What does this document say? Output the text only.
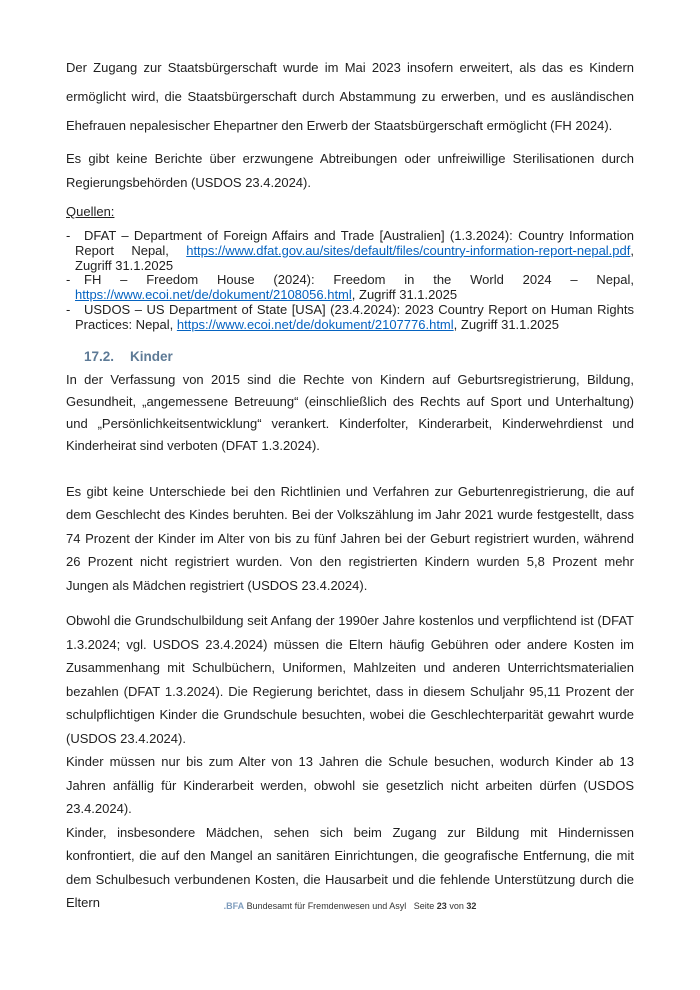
Der Zugang zur Staatsbürgerschaft wurde im Mai 2023 insofern erweitert, als das es Kindern ermöglicht wird, die Staatsbürgerschaft durch Abstammung zu erwerben, und es ausländischen Ehefrauen nepalesischer Ehepartner den Erwerb der Staatsbürgerschaft ermöglicht (FH 2024).

Es gibt keine Berichte über erzwungene Abtreibungen oder unfreiwillige Sterilisationen durch Regierungsbehörden (USDOS 23.4.2024).

Quellen:
- DFAT – Department of Foreign Affairs and Trade [Australien] (1.3.2024): Country Information Report Nepal, https://www.dfat.gov.au/sites/default/files/country-information-report-nepal.pdf, Zugriff 31.1.2025
- FH – Freedom House (2024): Freedom in the World 2024 – Nepal, https://www.ecoi.net/de/dokument/2108056.html, Zugriff 31.1.2025
- USDOS – US Department of State [USA] (23.4.2024): 2023 Country Report on Human Rights Practices: Nepal, https://www.ecoi.net/de/dokument/2107776.html, Zugriff 31.1.2025
17.2. Kinder

In der Verfassung von 2015 sind die Rechte von Kindern auf Geburtsregistrierung, Bildung, Gesundheit, „angemessene Betreuung“ (einschließlich des Rechts auf Sport und Unterhaltung) und „Persönlichkeitsentwicklung“ verankert. Kinderfolter, Kinderarbeit, Kinderwehrdienst und Kinderheirat sind verboten (DFAT 1.3.2024).

Es gibt keine Unterschiede bei den Richtlinien und Verfahren zur Geburtenregistrierung, die auf dem Geschlecht des Kindes beruhten. Bei der Volkszählung im Jahr 2021 wurde festgestellt, dass 74 Prozent der Kinder im Alter von bis zu fünf Jahren bei der Geburt registriert wurden, während 26 Prozent nicht registriert wurden. Von den registrierten Kindern wurden 5,8 Prozent mehr Jungen als Mädchen registriert (USDOS 23.4.2024).

Obwohl die Grundschulbildung seit Anfang der 1990er Jahre kostenlos und verpflichtend ist (DFAT 1.3.2024; vgl. USDOS 23.4.2024) müssen die Eltern häufig Gebühren oder andere Kosten im Zusammenhang mit Schulbüchern, Uniformen, Mahlzeiten und anderen Unterrichtsmaterialien bezahlen (DFAT 1.3.2024). Die Regierung berichtet, dass in diesem Schuljahr 95,11 Prozent der schulpflichtigen Kinder die Grundschule besuchten, wobei die Geschlechterparität gewahrt wurde (USDOS 23.4.2024).

Kinder müssen nur bis zum Alter von 13 Jahren die Schule besuchen, wodurch Kinder ab 13 Jahren anfällig für Kinderarbeit werden, obwohl sie gesetzlich nicht arbeiten dürfen (USDOS 23.4.2024).

Kinder, insbesondere Mädchen, sehen sich beim Zugang zur Bildung mit Hindernissen konfrontiert, die auf den Mangel an sanitären Einrichtungen, die geografische Entfernung, die mit dem Schulbesuch verbundenen Kosten, die Hausarbeit und die fehlende Unterstützung durch die Eltern	.BFA Bundesamt für Fremdenwesen und Asyl Seite 23 von 32
